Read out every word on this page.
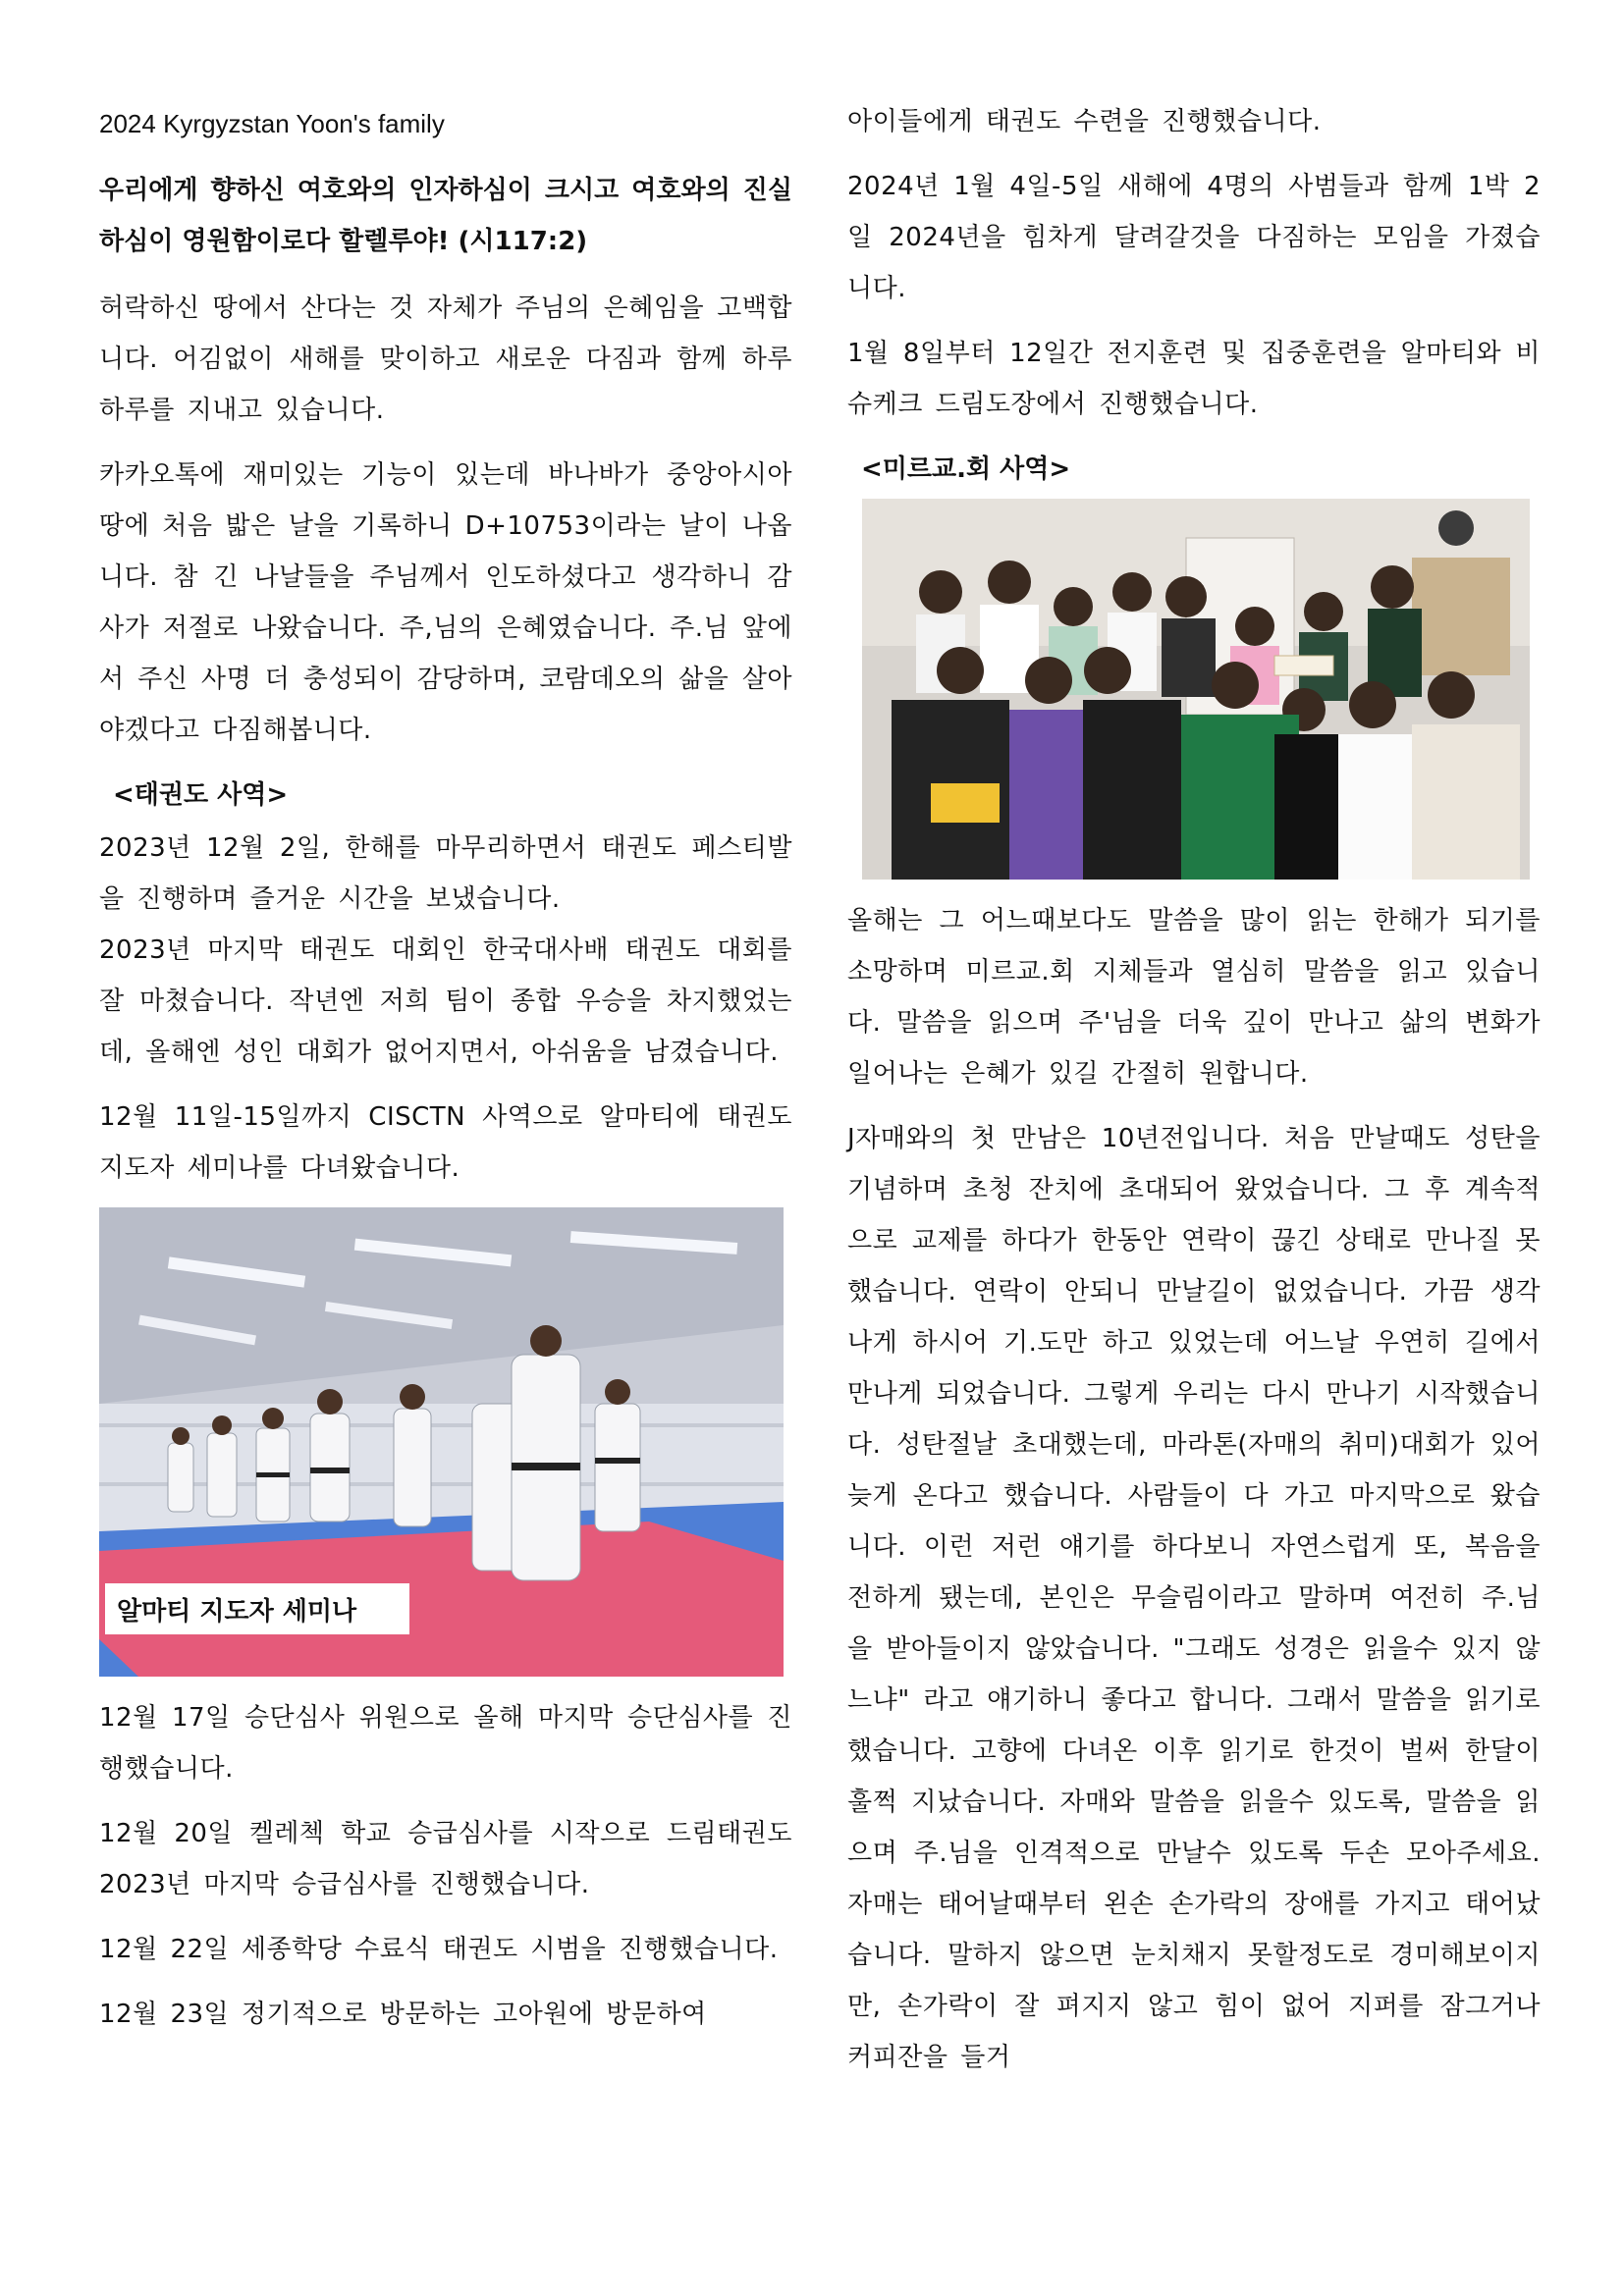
2024 Kyrgyzstan Yoon's family
우리에게 향하신 여호와의 인자하심이 크시고 여호와의 진실하심이 영원함이로다 할렐루야! (시117:2)

허락하신 땅에서 산다는 것 자체가 주님의 은혜임을 고백합니다. 어김없이 새해를 맞이하고 새로운 다짐과 함께 하루 하루를 지내고 있습니다.

카카오톡에 재미있는 기능이 있는데 바나바가 중앙아시아 땅에 처음 밟은 날을 기록하니 D+10753이라는 날이 나옵니다. 참 긴 나날들을 주님께서 인도하셨다고 생각하니 감사가 저절로 나왔습니다. 주,님의 은혜였습니다. 주.님 앞에서 주신 사명 더 충성되이 감당하며, 코람데오의 삶을 살아야겠다고 다짐해봅니다.

<태권도 사역>

2023년 12월 2일, 한해를 마무리하면서 태권도 페스티발을 진행하며 즐거운 시간을 보냈습니다.

2023년 마지막 태권도 대회인 한국대사배 태권도 대회를 잘 마쳤습니다. 작년엔 저희 팀이 종합 우승을 차지했었는데, 올해엔 성인 대회가 없어지면서, 아쉬움을 남겼습니다.

12월 11일-15일까지 CISCTN 사역으로 알마티에 태권도 지도자 세미나를 다녀왔습니다.

알마티 지도자 세미나

12월 17일 승단심사 위원으로 올해 마지막 승단심사를 진행했습니다.

12월 20일 켈레첵 학교 승급심사를 시작으로 드림태권도 2023년 마지막 승급심사를 진행했습니다.

12월 22일 세종학당 수료식 태권도 시범을 진행했습니다.

12월 23일 정기적으로 방문하는 고아원에 방문하여

아이들에게 태권도 수련을 진행했습니다.

2024년 1월 4일-5일 새해에 4명의 사범들과 함께 1박 2일 2024년을 힘차게 달려갈것을 다짐하는 모임을 가졌습니다.

1월 8일부터 12일간 전지훈련 및 집중훈련을 알마티와 비슈케크 드림도장에서 진행했습니다.

<미르교.회 사역>

올해는 그 어느때보다도 말씀을 많이 읽는 한해가 되기를 소망하며 미르교.회 지체들과 열심히 말씀을 읽고 있습니다. 말씀을 읽으며 주'님을 더욱 깊이 만나고 삶의 변화가 일어나는 은혜가 있길 간절히 원합니다.

J자매와의 첫 만남은 10년전입니다. 처음 만날때도 성탄을 기념하며 초청 잔치에 초대되어 왔었습니다. 그 후 계속적으로 교제를 하다가 한동안 연락이 끊긴 상태로 만나질 못했습니다. 연락이 안되니 만날길이 없었습니다. 가끔 생각나게 하시어 기.도만 하고 있었는데 어느날 우연히 길에서 만나게 되었습니다. 그렇게 우리는 다시 만나기 시작했습니다. 성탄절날 초대했는데, 마라톤(자매의 취미)대회가 있어 늦게 온다고 했습니다. 사람들이 다 가고 마지막으로 왔습니다. 이런 저런 얘기를 하다보니 자연스럽게 또, 복음을 전하게 됐는데, 본인은 무슬림이라고 말하며 여전히 주.님을 받아들이지 않았습니다. "그래도 성경은 읽을수 있지 않느냐" 라고 얘기하니 좋다고 합니다. 그래서 말씀을 읽기로 했습니다. 고향에 다녀온 이후 읽기로 한것이 벌써 한달이 훌쩍 지났습니다. 자매와 말씀을 읽을수 있도록, 말씀을 읽으며 주.님을 인격적으로 만날수 있도록 두손 모아주세요. 자매는 태어날때부터 왼손 손가락의 장애를 가지고 태어났습니다. 말하지 않으면 눈치채지 못할정도로 경미해보이지만, 손가락이 잘 펴지지 않고 힘이 없어 지퍼를 잠그거나 커피잔을 들거
